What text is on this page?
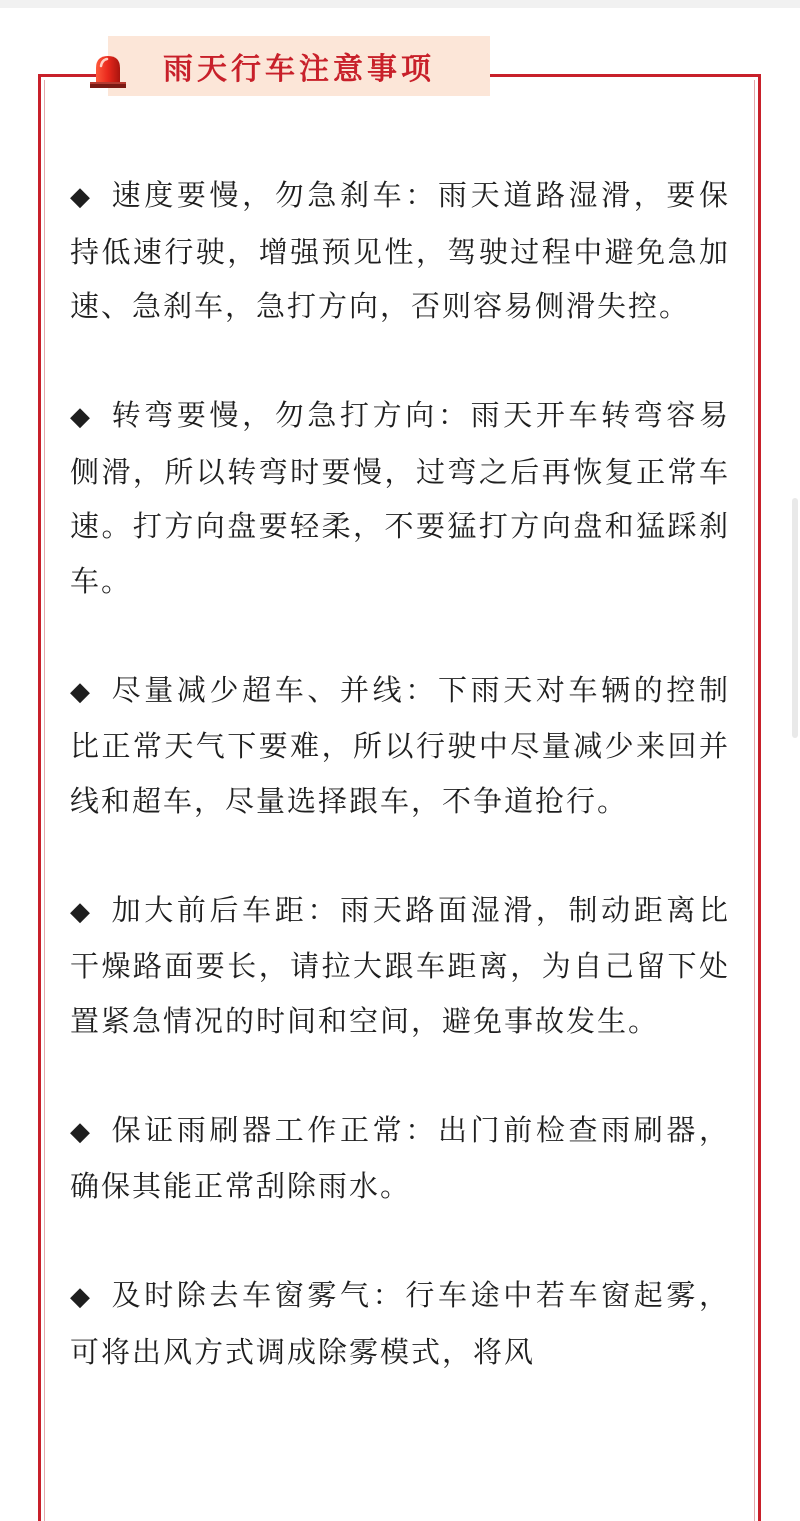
雨天行车注意事项

◆ 速度要慢，勿急刹车：雨天道路湿滑，要保持低速行驶，增强预见性，驾驶过程中避免急加速、急刹车，急打方向，否则容易侧滑失控。

◆ 转弯要慢，勿急打方向：雨天开车转弯容易侧滑，所以转弯时要慢，过弯之后再恢复正常车速。打方向盘要轻柔，不要猛打方向盘和猛踩刹车。

◆ 尽量减少超车、并线：下雨天对车辆的控制比正常天气下要难，所以行驶中尽量减少来回并线和超车，尽量选择跟车，不争道抢行。

◆ 加大前后车距：雨天路面湿滑，制动距离比干燥路面要长，请拉大跟车距离，为自己留下处置紧急情况的时间和空间，避免事故发生。

◆ 保证雨刷器工作正常：出门前检查雨刷器，确保其能正常刮除雨水。

◆ 及时除去车窗雾气：行车途中若车窗起雾，可将出风方式调成除雾模式，将风
